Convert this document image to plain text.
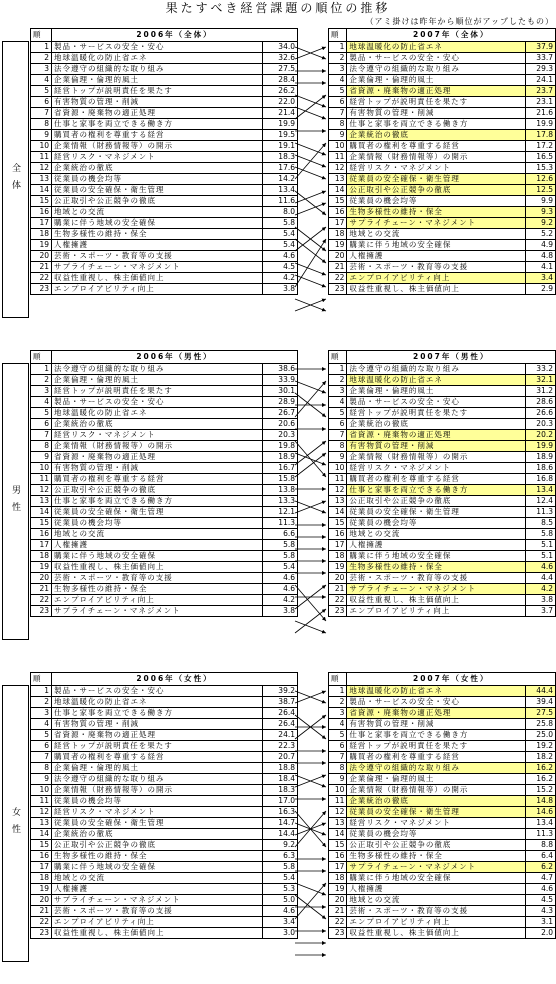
果たすべき経営課題の順位の推移
（アミ掛けは昨年から順位がアップしたもの）
全体
順	2006年（全体）	
1	製品・サービスの安全・安心	34.0
2	地球温暖化の防止省エネ	32.6
3	法令遵守の組織的な取り組み	27.5
4	企業倫理・倫理的風土	28.4
5	経営トップが説明責任を果たす	26.2
6	有害物質の管理・削減	22.0
7	省資源・廃棄物の適正処理	21.4
8	仕事と家事を両立できる働き方	19.9
9	購買者の権利を尊重する経営	19.5
10	企業情報（財務情報等）の開示	19.1
11	経営リスク・マネジメント	18.3
12	企業統治の徹底	17.6
13	従業員の機会均等	14.2
14	従業員の安全確保・衛生管理	13.4
15	公正取引や公正競争の徹底	11.6
16	地域との交流	8.0
17	購業に伴う地域の安全確保	5.8
18	生物多様性の維持・保全	5.4
19	人権擁護	5.4
20	芸術・スポーツ・教育等の支援	4.6
21	サプライチェーン・マネジメント	4.5
22	収益性重視し、株主価値向上	4.2
23	エンプロイアビリティ向上	3.8
順	2007年（全体）	
1	地球温暖化の防止省エネ	37.9
2	製品・サービスの安全・安心	33.7
3	法令遵守の組織的な取り組み	29.3
4	企業倫理・倫理的風土	24.1
5	省資源・廃棄物の適正処理	23.7
6	経営トップが説明責任を果たす	23.1
7	有害物質の管理・削減	21.6
8	仕事と家事を両立できる働き方	19.9
9	企業統治の徹底	17.8
10	購買者の権利を尊重する経営	17.2
11	企業情報（財務情報等）の開示	16.5
12	経営リスク・マネジメント	15.3
13	従業員の安全確保・衛生管理	12.6
14	公正取引や公正競争の徹底	12.5
15	従業員の機会均等	9.9
16	生物多様性の維持・保全	9.3
17	サプライチェーン・マネジメント	9.2
18	地域との交流	5.2
19	購業に伴う地域の安全確保	4.9
20	人権擁護	4.8
21	芸術・スポーツ・教育等の支援	4.1
22	エンプロイアビリティ向上	3.4
23	収益性重視し、株主価値向上	2.9
男性
順	2006年（男性）	
1	法令遵守の組織的な取り組み	38.6
2	企業倫理・倫理的風土	33.9
3	経営トップが説明責任を果たす	30.1
4	製品・サービスの安全・安心	28.9
5	地球温暖化の防止省エネ	26.7
6	企業統治の徹底	20.6
7	経営リスク・マネジメント	20.3
8	企業情報（財務情報等）の開示	19.8
9	省資源・廃棄物の適正処理	18.9
10	有害物質の管理・削減	16.7
11	購買者の権利を尊重する経営	15.8
12	公正取引や公正競争の徹底	13.8
13	仕事と家事を両立できる働き方	13.3
14	従業員の安全確保・衛生管理	12.1
15	従業員の機会均等	11.3
16	地域との交流	6.6
17	人権擁護	5.8
18	購業に伴う地域の安全確保	5.8
19	収益性重視し、株主価値向上	5.4
20	芸術・スポーツ・教育等の支援	4.6
21	生物多様性の維持・保全	4.6
22	エンプロイアビリティ向上	4.2
23	サプライチェーン・マネジメント	3.8
順	2007年（男性）	
1	法令遵守の組織的な取り組み	33.2
2	地球温暖化の防止省エネ	32.1
3	企業倫理・倫理的風土	31.2
4	製品・サービスの安全・安心	28.6
5	経営トップが説明責任を果たす	26.6
6	企業統治の徹底	20.3
7	省資源・廃棄物の適正処理	20.2
8	有害物質の管理・削減	19.9
9	企業情報（財務情報等）の開示	18.9
10	経営リスク・マネジメント	18.6
11	購買者の権利を尊重する経営	16.8
12	仕事と家事を両立できる働き方	13.4
13	公正取引や公正競争の徹底	12.4
14	従業員の安全確保・衛生管理	11.3
15	従業員の機会均等	8.5
16	地域との交流	5.8
17	人権擁護	5.1
18	購業に伴う地域の安全確保	5.1
19	生物多様性の維持・保全	4.6
20	芸術・スポーツ・教育等の支援	4.4
21	サプライチェーン・マネジメント	4.2
22	収益性重視し、株主価値向上	3.8
23	エンプロイアビリティ向上	3.7
女性
順	2006年（女性）	
1	製品・サービスの安全・安心	39.2
2	地球温暖化の防止省エネ	38.7
3	仕事と家事を両立できる働き方	26.4
4	有害物質の管理・削減	26.4
5	省資源・廃棄物の適正処理	24.1
6	経営トップが説明責任を果たす	22.3
7	購買者の権利を尊重する経営	20.7
8	企業倫理・倫理的風土	18.8
9	法令遵守の組織的な取り組み	18.4
10	企業情報（財務情報等）の開示	18.3
11	従業員の機会均等	17.0
12	経営リスク・マネジメント	16.3
13	従業員の安全確保・衛生管理	14.7
14	企業統治の徹底	14.4
15	公正取引や公正競争の徹底	9.2
16	生物多様性の維持・保全	6.3
17	購業に伴う地域の安全確保	5.8
18	地域との交流	5.4
19	人権擁護	5.3
20	サプライチェーン・マネジメント	5.0
21	芸術・スポーツ・教育等の支援	4.6
22	エンプロイアビリティ向上	3.4
23	収益性重視し、株主価値向上	3.0
順	2007年（女性）	
1	地球温暖化の防止省エネ	44.4
2	製品・サービスの安全・安心	39.4
3	省資源・廃棄物の適正処理	27.5
4	有害物質の管理・削減	25.8
5	仕事と家事を両立できる働き方	25.0
6	経営トップが説明責任を果たす	19.2
7	購買者の権利を尊重する経営	18.2
8	法令遵守の組織的な取り組み	16.2
9	企業倫理・倫理的風土	16.2
10	企業情報（財務情報等）の開示	15.2
11	企業統治の徹底	14.8
12	従業員の安全確保・衛生管理	14.6
13	経営リスク・マネジメント	13.4
14	従業員の機会均等	11.3
15	公正取引や公正競争の徹底	8.8
16	生物多様性の維持・保全	6.4
17	サプライチェーン・マネジメント	6.2
18	購業に伴う地域の安全確保	4.7
19	人権擁護	4.6
20	地域との交流	4.5
21	芸術・スポーツ・教育等の支援	4.3
22	エンプロイアビリティ向上	3.1
23	収益性重視し、株主価値向上	2.0
